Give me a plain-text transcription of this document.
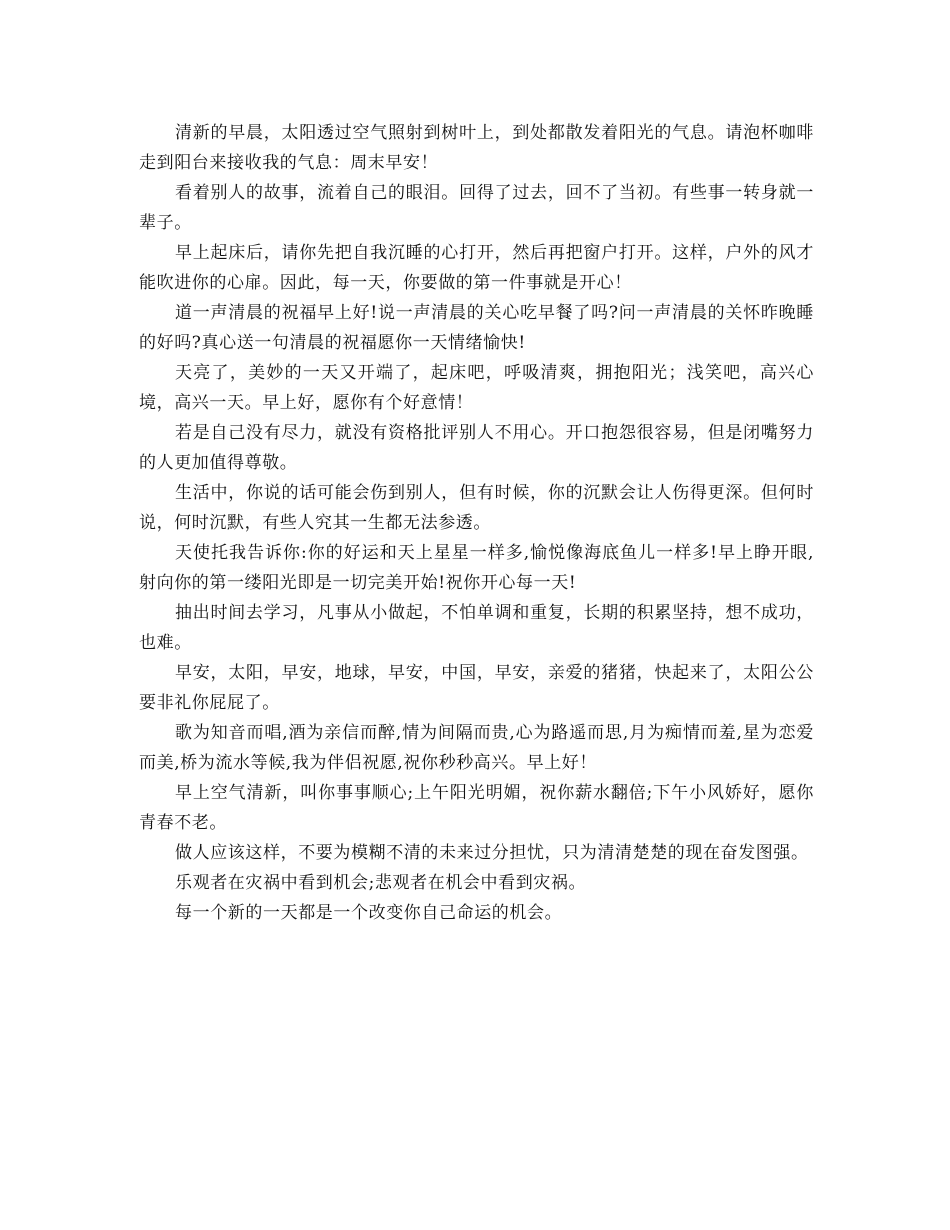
清新的早晨，太阳透过空气照射到树叶上，到处都散发着阳光的气息。请泡杯咖啡走到阳台来接收我的气息：周末早安！

看着别人的故事，流着自己的眼泪。回得了过去，回不了当初。有些事一转身就一辈子。

早上起床后，请你先把自我沉睡的心打开，然后再把窗户打开。这样，户外的风才能吹进你的心扉。因此，每一天，你要做的第一件事就是开心！

道一声清晨的祝福早上好!说一声清晨的关心吃早餐了吗?问一声清晨的关怀昨晚睡的好吗?真心送一句清晨的祝福愿你一天情绪愉快!

天亮了，美妙的一天又开端了，起床吧，呼吸清爽，拥抱阳光；浅笑吧，高兴心境，高兴一天。早上好，愿你有个好意情！

若是自己没有尽力，就没有资格批评别人不用心。开口抱怨很容易，但是闭嘴努力的人更加值得尊敬。

生活中，你说的话可能会伤到别人，但有时候，你的沉默会让人伤得更深。但何时说，何时沉默，有些人究其一生都无法参透。

天使托我告诉你:你的好运和天上星星一样多,愉悦像海底鱼儿一样多!早上睁开眼,射向你的第一缕阳光即是一切完美开始!祝你开心每一天!

抽出时间去学习，凡事从小做起，不怕单调和重复，长期的积累坚持，想不成功，也难。

早安，太阳，早安，地球，早安，中国，早安，亲爱的猪猪，快起来了，太阳公公要非礼你屁屁了。

歌为知音而唱,酒为亲信而醉,情为间隔而贵,心为路遥而思,月为痴情而羞,星为恋爱而美,桥为流水等候,我为伴侣祝愿,祝你秒秒高兴。早上好！

早上空气清新，叫你事事顺心;上午阳光明媚，祝你薪水翻倍;下午小风娇好，愿你青春不老。

做人应该这样，不要为模糊不清的未来过分担忧，只为清清楚楚的现在奋发图强。

乐观者在灾祸中看到机会;悲观者在机会中看到灾祸。

每一个新的一天都是一个改变你自己命运的机会。
